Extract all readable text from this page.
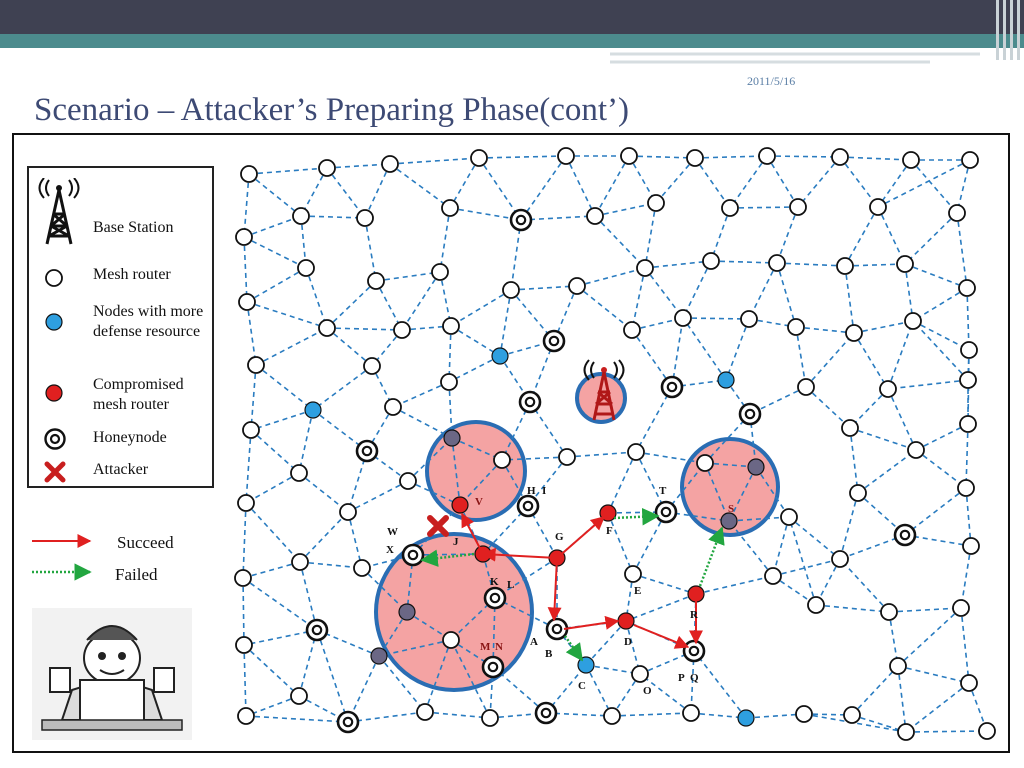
2011/5/16
Scenario – Attacker’s Preparing Phase(cont’)
A
B
C
D
E
F
G
H I
J
K L
M N
O
P Q
R
S
T
V
W
X
Base Station
Mesh router
Nodes with more defense resource
Compromised mesh router
Honeynode
Attacker
Succeed
Failed
